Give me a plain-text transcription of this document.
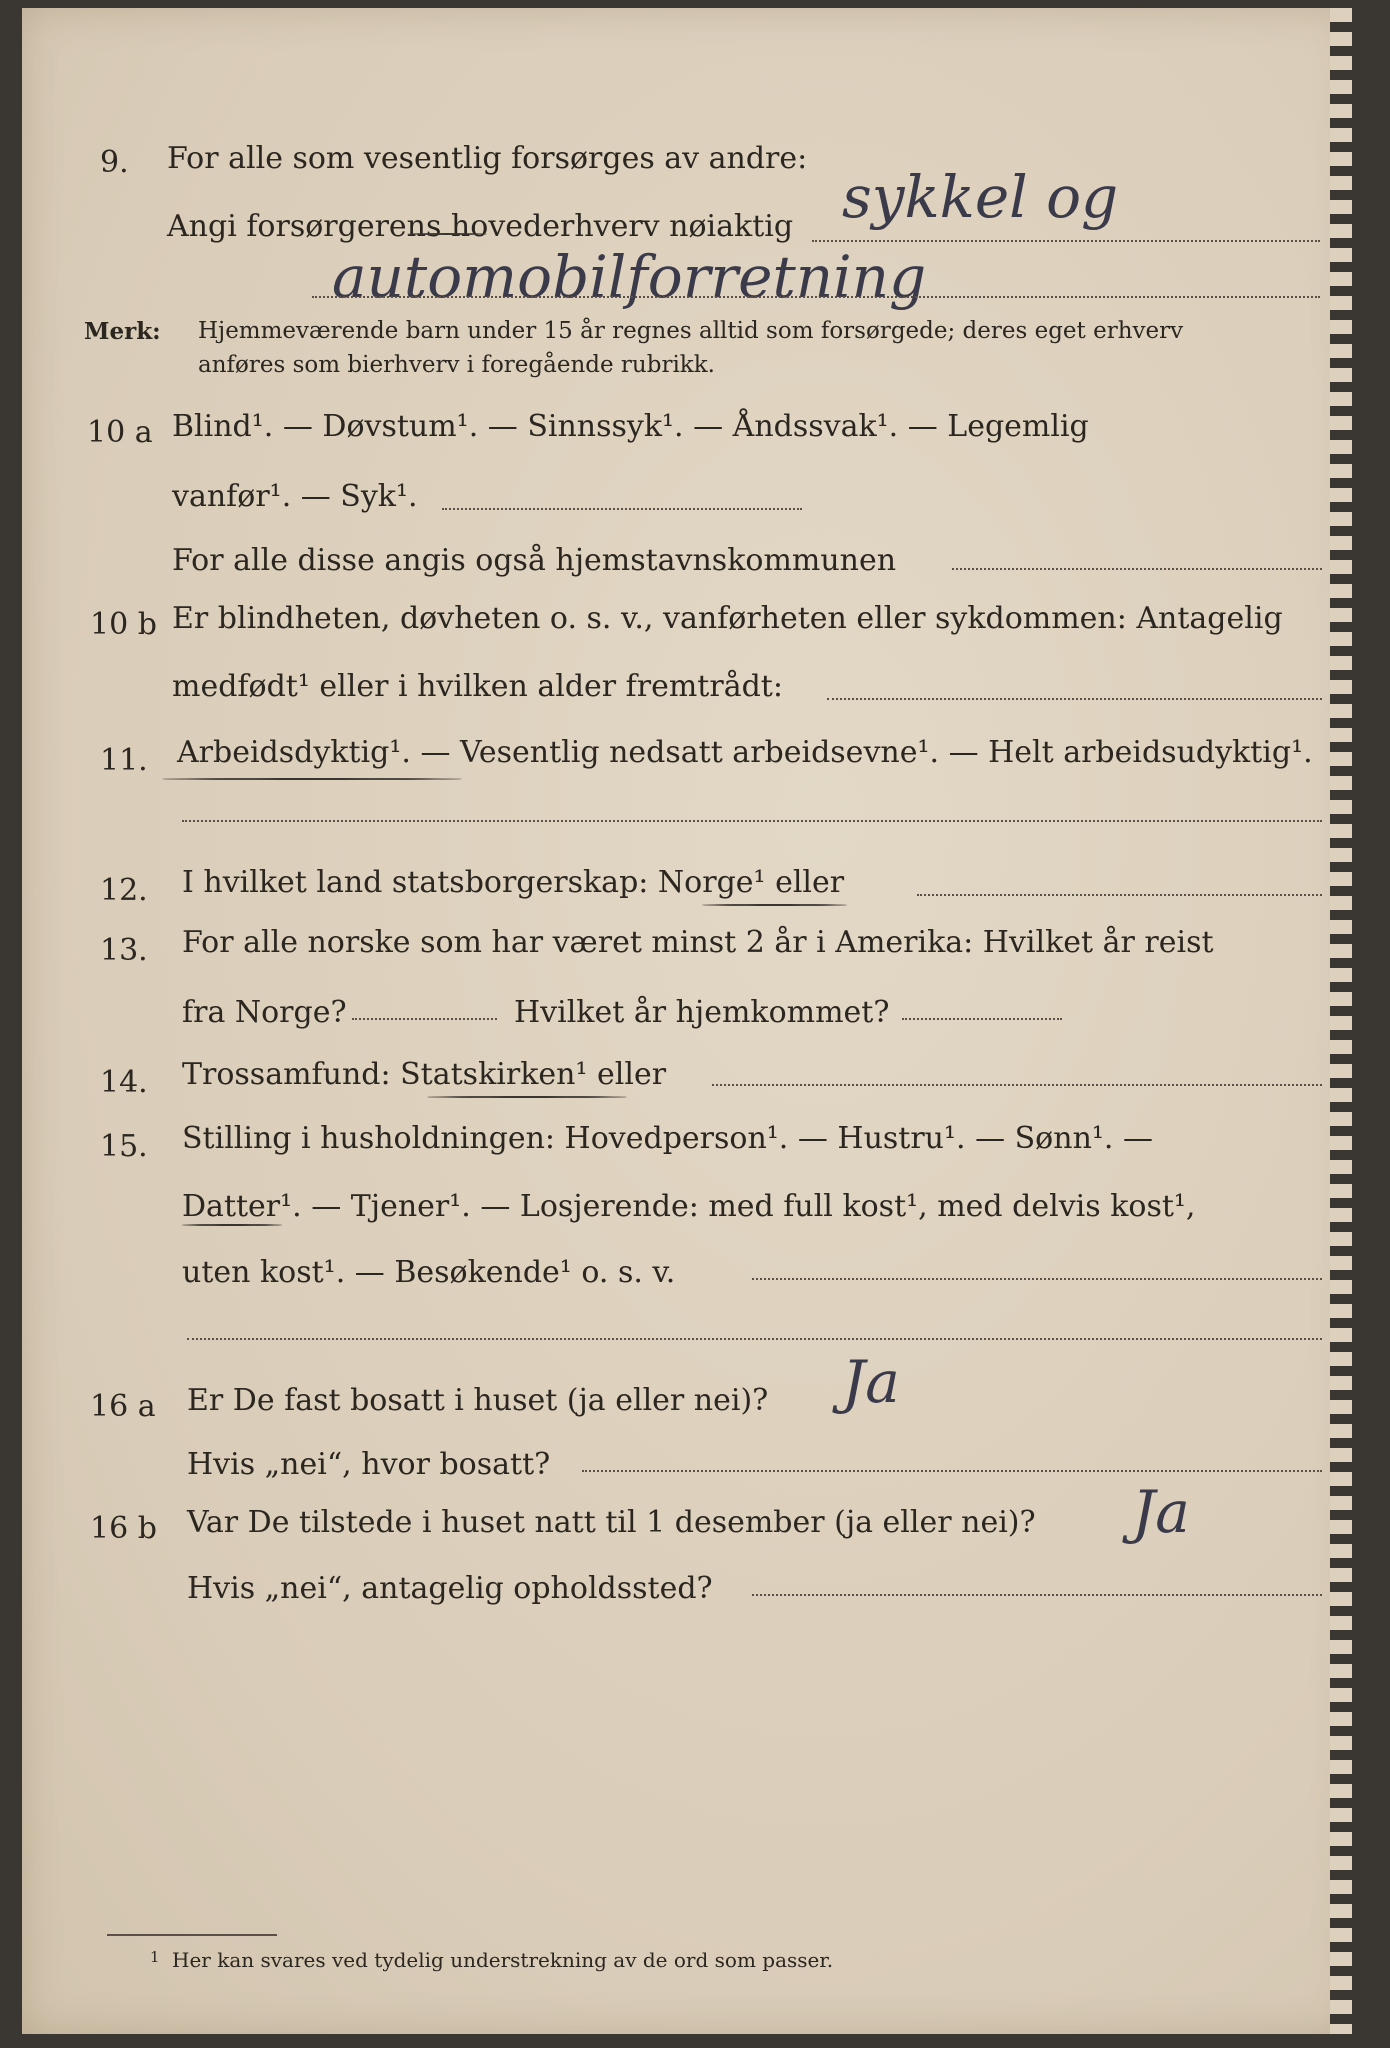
9. For alle som vesentlig forsørges av andre:
Angi forsørgerens hovederhverv nøiaktig sykkel og
automobilforretning
Merk: Hjemmeværende barn under 15 år regnes alltid som forsørgede; deres eget erhverv
anføres som bierhverv i foregående rubrikk.
10 a Blind¹. — Døvstum¹. — Sinnssyk¹. — Åndssvak¹. — Legemlig
vanfør¹. — Syk¹.
For alle disse angis også hjemstavnskommunen
10 b Er blindheten, døvheten o. s. v., vanførheten eller sykdommen: Antagelig
medfødt¹ eller i hvilken alder fremtrådt:
11. Arbeidsdyktig¹. — Vesentlig nedsatt arbeidsevne¹. — Helt arbeidsudyktig¹.
12. I hvilket land statsborgerskap: Norge¹ eller
13. For alle norske som har været minst 2 år i Amerika: Hvilket år reist
fra Norge?	Hvilket år hjemkommet?
14. Trossamfund: Statskirken¹ eller
15. Stilling i husholdningen: Hovedperson¹. — Hustru¹. — Sønn¹. —
Datter¹. — Tjener¹. — Losjerende: med full kost¹, med delvis kost¹,
uten kost¹. — Besøkende¹ o. s. v.
16 a Er De fast bosatt i huset (ja eller nei)? Ja
Hvis „nei“, hvor bosatt?
16 b Var De tilstede i huset natt til 1 desember (ja eller nei)? Ja
Hvis „nei“, antagelig opholdssted?
1 Her kan svares ved tydelig understrekning av de ord som passer.
